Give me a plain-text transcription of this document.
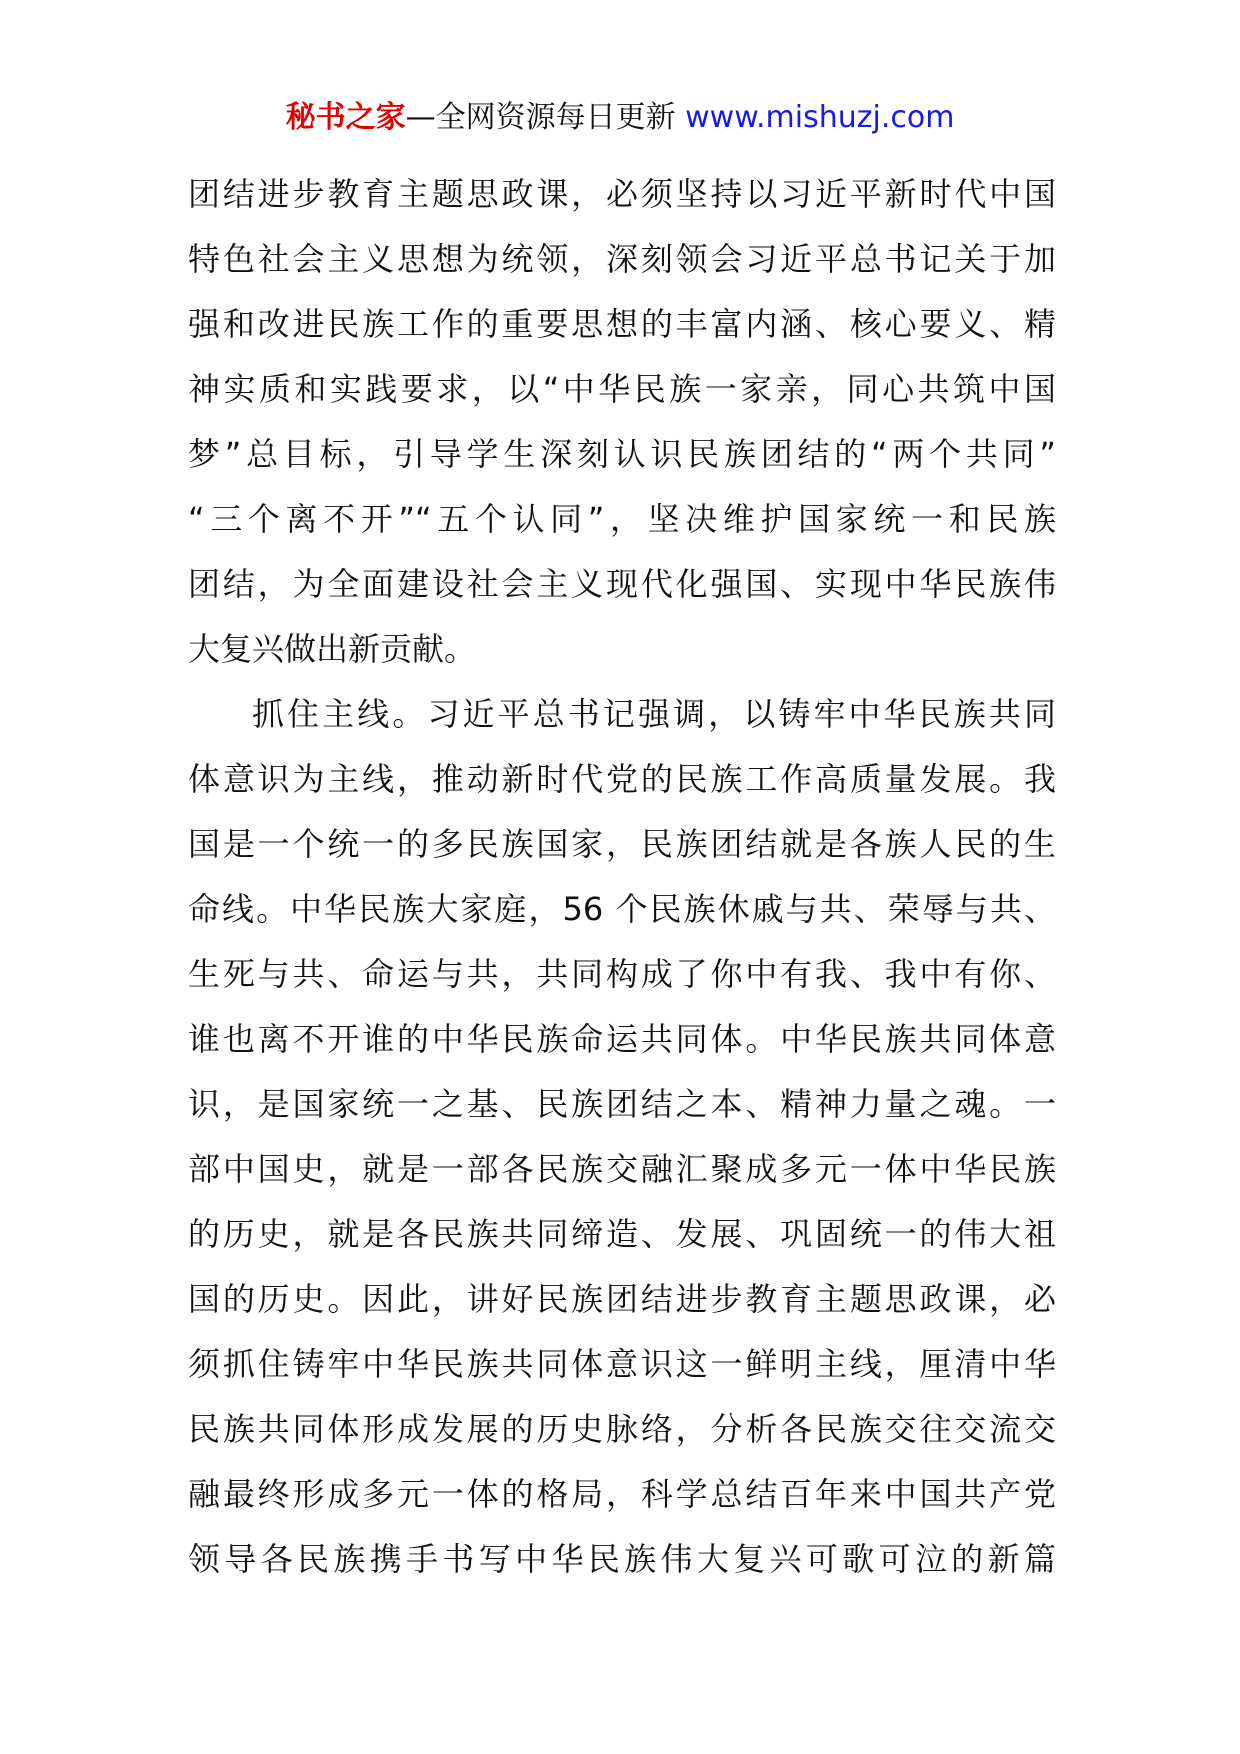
秘书之家—全网资源每日更新 www.mishuzj.com
团结进步教育主题思政课，必须坚持以习近平新时代中国
特色社会主义思想为统领，深刻领会习近平总书记关于加
强和改进民族工作的重要思想的丰富内涵、核心要义、精
神实质和实践要求，以“中华民族一家亲，同心共筑中国
梦”总目标，引导学生深刻认识民族团结的“两个共同”
“三个离不开”“五个认同”，坚决维护国家统一和民族
团结，为全面建设社会主义现代化强国、实现中华民族伟
大复兴做出新贡献。
抓住主线。习近平总书记强调，以铸牢中华民族共同
体意识为主线，推动新时代党的民族工作高质量发展。我
国是一个统一的多民族国家，民族团结就是各族人民的生
命线。中华民族大家庭，56 个民族休戚与共、荣辱与共、
生死与共、命运与共，共同构成了你中有我、我中有你、
谁也离不开谁的中华民族命运共同体。中华民族共同体意
识，是国家统一之基、民族团结之本、精神力量之魂。一
部中国史，就是一部各民族交融汇聚成多元一体中华民族
的历史，就是各民族共同缔造、发展、巩固统一的伟大祖
国的历史。因此，讲好民族团结进步教育主题思政课，必
须抓住铸牢中华民族共同体意识这一鲜明主线，厘清中华
民族共同体形成发展的历史脉络，分析各民族交往交流交
融最终形成多元一体的格局，科学总结百年来中国共产党
领导各民族携手书写中华民族伟大复兴可歌可泣的新篇
